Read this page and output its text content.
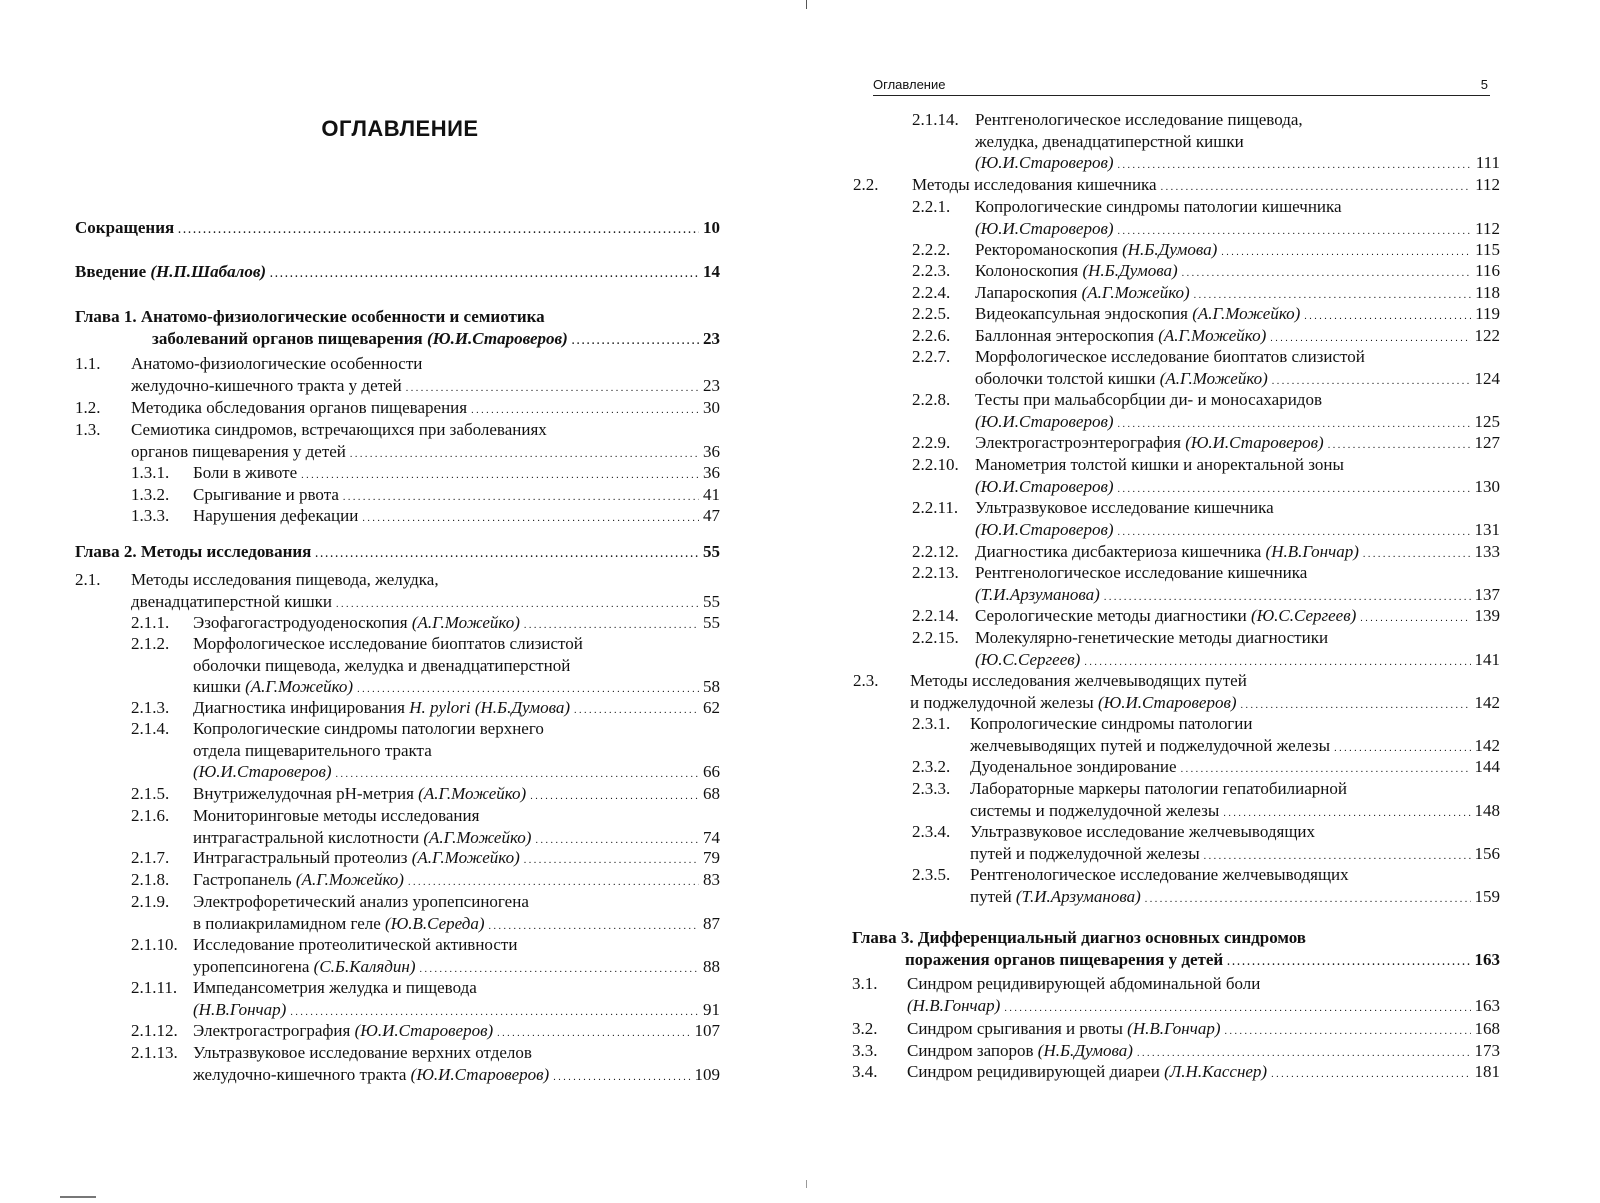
ОГЛАВЛЕНИЕ
Сокращения . . .	10
Введение (Н.П.Шабалов) . . .	14
Глава 1. Анатомо-физиологические особенности и семиотика
заболеваний органов пищеварения (Ю.И.Староверов) . . .	23
1.1. Анатомо-физиологические особенности
желудочно-кишечного тракта у детей . . .	23
1.2. Методика обследования органов пищеварения . . .	30
1.3. Семиотика синдромов, встречающихся при заболеваниях
органов пищеварения у детей . . .	36
1.3.1. Боли в животе . . .	36
1.3.2. Срыгивание и рвота . . .	41
1.3.3. Нарушения дефекации . . .	47
Глава 2. Методы исследования . . .	55
2.1. Методы исследования пищевода, желудка,
двенадцатиперстной кишки . . .	55
2.1.1. Эзофагогастродуоденоскопия (А.Г.Можейко) . . .	55
2.1.2. Морфологическое исследование биоптатов слизистой
оболочки пищевода, желудка и двенадцатиперстной
кишки (А.Г.Можейко) . . .	58
2.1.3. Диагностика инфицирования H. pylori (Н.Б.Думова) . . .	62
2.1.4. Копрологические синдромы патологии верхнего
отдела пищеварительного тракта
(Ю.И.Староверов) . . .	66
2.1.5. Внутрижелудочная рН-метрия (А.Г.Можейко) . . .	68
2.1.6. Мониторинговые методы исследования
интрагастральной кислотности (А.Г.Можейко) . . .	74
2.1.7. Интрагастральный протеолиз (А.Г.Можейко) . . .	79
2.1.8. Гастропанель (А.Г.Можейко) . . .	83
2.1.9. Электрофоретический анализ уропепсиногена
в полиакриламидном геле (Ю.В.Середа) . . .	87
2.1.10. Исследование протеолитической активности
уропепсиногена (С.Б.Калядин) . . .	88
2.1.11. Импедансометрия желудка и пищевода
(Н.В.Гончар) . . .	91
2.1.12. Электрогастрография (Ю.И.Староверов) . . .	107
2.1.13. Ультразвуковое исследование верхних отделов
желудочно-кишечного тракта (Ю.И.Староверов) . . .	109
Оглавление	5
2.1.14. Рентгенологическое исследование пищевода,
желудка, двенадцатиперстной кишки
(Ю.И.Староверов) . . .	111
2.2. Методы исследования кишечника . . .	112
2.2.1. Копрологические синдромы патологии кишечника
(Ю.И.Староверов) . . .	112
2.2.2. Ректороманоскопия (Н.Б.Думова) . . .	115
2.2.3. Колоноскопия (Н.Б.Думова) . . .	116
2.2.4. Лапароскопия (А.Г.Можейко) . . .	118
2.2.5. Видеокапсульная эндоскопия (А.Г.Можейко) . . .	119
2.2.6. Баллонная энтероскопия (А.Г.Можейко) . . .	122
2.2.7. Морфологическое исследование биоптатов слизистой
оболочки толстой кишки (А.Г.Можейко) . . .	124
2.2.8. Тесты при мальабсорбции ди- и моносахаридов
(Ю.И.Староверов) . . .	125
2.2.9. Электрогастроэнтерография (Ю.И.Староверов) . . .	127
2.2.10. Манометрия толстой кишки и аноректальной зоны
(Ю.И.Староверов) . . .	130
2.2.11. Ультразвуковое исследование кишечника
(Ю.И.Староверов) . . .	131
2.2.12. Диагностика дисбактериоза кишечника (Н.В.Гончар) . . .	133
2.2.13. Рентгенологическое исследование кишечника
(Т.И.Арзуманова) . . .	137
2.2.14. Серологические методы диагностики (Ю.С.Сергеев) . . .	139
2.2.15. Молекулярно-генетические методы диагностики
(Ю.С.Сергеев) . . .	141
2.3. Методы исследования желчевыводящих путей
и поджелудочной железы (Ю.И.Староверов) . . .	142
2.3.1. Копрологические синдромы патологии
желчевыводящих путей и поджелудочной железы . . .	142
2.3.2. Дуоденальное зондирование . . .	144
2.3.3. Лабораторные маркеры патологии гепатобилиарной
системы и поджелудочной железы . . .	148
2.3.4. Ультразвуковое исследование желчевыводящих
путей и поджелудочной железы . . .	156
2.3.5. Рентгенологическое исследование желчевыводящих
путей (Т.И.Арзуманова) . . .	159
Глава 3. Дифференциальный диагноз основных синдромов
поражения органов пищеварения у детей . . .	163
3.1. Синдром рецидивирующей абдоминальной боли
(Н.В.Гончар) . . .	163
3.2. Синдром срыгивания и рвоты (Н.В.Гончар) . . .	168
3.3. Синдром запоров (Н.Б.Думова) . . .	173
3.4. Синдром рецидивирующей диареи (Л.Н.Касснер) . . .	181
